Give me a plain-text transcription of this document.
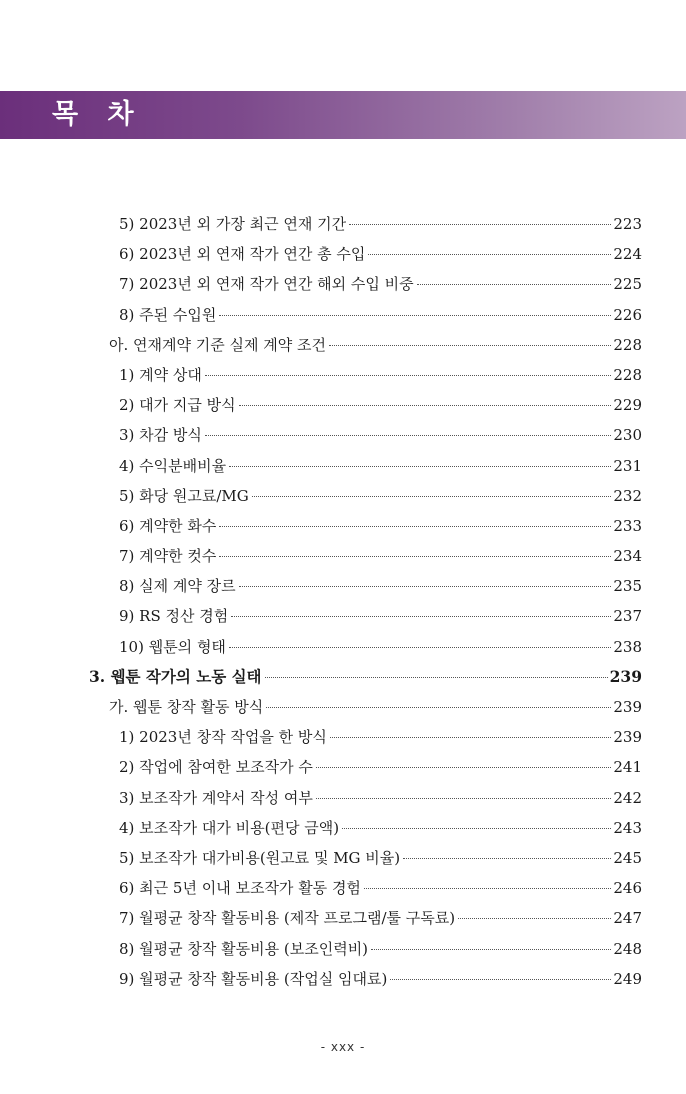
목 차
5) 2023년 외 가장 최근 연재 기간	223
6) 2023년 외 연재 작가 연간 총 수입	224
7) 2023년 외 연재 작가 연간 해외 수입 비중	225
8) 주된 수입원	226
아. 연재계약 기준 실제 계약 조건	228
1) 계약 상대	228
2) 대가 지급 방식	229
3) 차감 방식	230
4) 수익분배비율	231
5) 화당 원고료/MG	232
6) 계약한 화수	233
7) 계약한 컷수	234
8) 실제 계약 장르	235
9) RS 정산 경험	237
10) 웹툰의 형태	238
3. 웹툰 작가의 노동 실태	239
가. 웹툰 창작 활동 방식	239
1) 2023년 창작 작업을 한 방식	239
2) 작업에 참여한 보조작가 수	241
3) 보조작가 계약서 작성 여부	242
4) 보조작가 대가 비용(편당 금액)	243
5) 보조작가 대가비용(원고료 및 MG 비율)	245
6) 최근 5년 이내 보조작가 활동 경험	246
7) 월평균 창작 활동비용 (제작 프로그램/툴 구독료)	247
8) 월평균 창작 활동비용 (보조인력비)	248
9) 월평균 창작 활동비용 (작업실 임대료)	249
- xxx -
